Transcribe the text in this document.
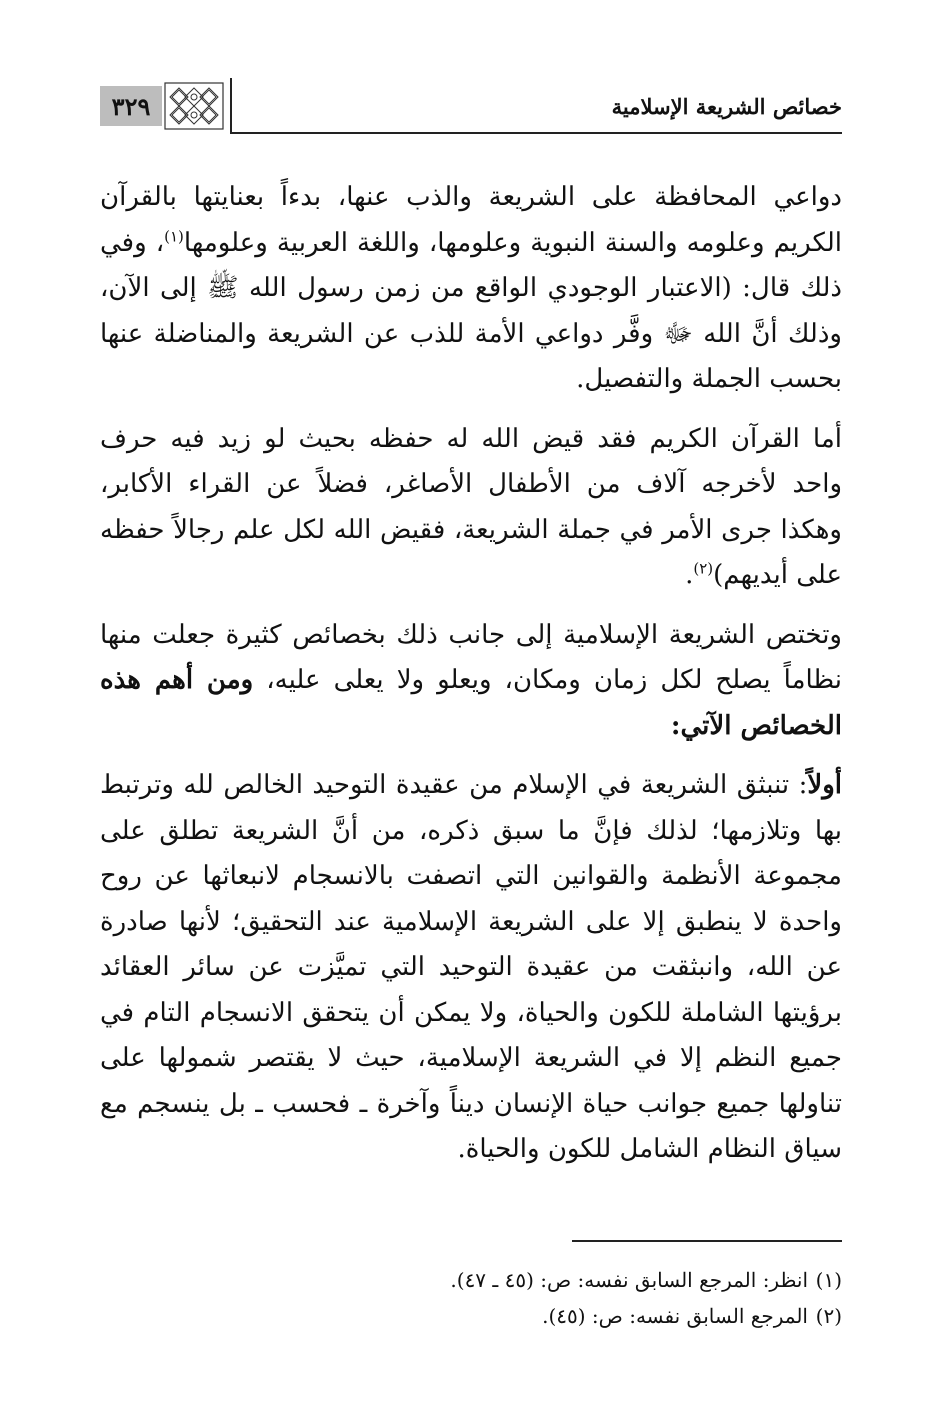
خصائص الشريعة الإسلامية
٣٢٩

دواعي المحافظة على الشريعة والذب عنها، بدءاً بعنايتها بالقرآن الكريم وعلومه والسنة النبوية وعلومها، واللغة العربية وعلومها$^{(١)}$، وفي ذلك قال: (الاعتبار الوجودي الواقع من زمن رسول الله ﷺ إلى الآن، وذلك أنَّ الله ﷻ وفَّر دواعي الأمة للذب عن الشريعة والمناضلة عنها بحسب الجملة والتفصيل.

أما القرآن الكريم فقد قيض الله له حفظه بحيث لو زيد فيه حرف واحد لأخرجه آلاف من الأطفال الأصاغر، فضلاً عن القراء الأكابر، وهكذا جرى الأمر في جملة الشريعة، فقيض الله لكل علم رجالاً حفظه على أيديهم)$^{(٢)}$.

وتختص الشريعة الإسلامية إلى جانب ذلك بخصائص كثيرة جعلت منها نظاماً يصلح لكل زمان ومكان، ويعلو ولا يعلى عليه، ومن أهم هذه الخصائص الآتي:

أولاً: تنبثق الشريعة في الإسلام من عقيدة التوحيد الخالص لله وترتبط بها وتلازمها؛ لذلك فإنَّ ما سبق ذكره، من أنَّ الشريعة تطلق على مجموعة الأنظمة والقوانين التي اتصفت بالانسجام لانبعاثها عن روح واحدة لا ينطبق إلا على الشريعة الإسلامية عند التحقيق؛ لأنها صادرة عن الله، وانبثقت من عقيدة التوحيد التي تميَّزت عن سائر العقائد برؤيتها الشاملة للكون والحياة، ولا يمكن أن يتحقق الانسجام التام في جميع النظم إلا في الشريعة الإسلامية، حيث لا يقتصر شمولها على تناولها جميع جوانب حياة الإنسان ديناً وآخرة ـ فحسب ـ بل ينسجم مع سياق النظام الشامل للكون والحياة.

(١)انظر: المرجع السابق نفسه: ص: (٤٥ ـ ٤٧).
(٢)المرجع السابق نفسه: ص: (٤٥).
